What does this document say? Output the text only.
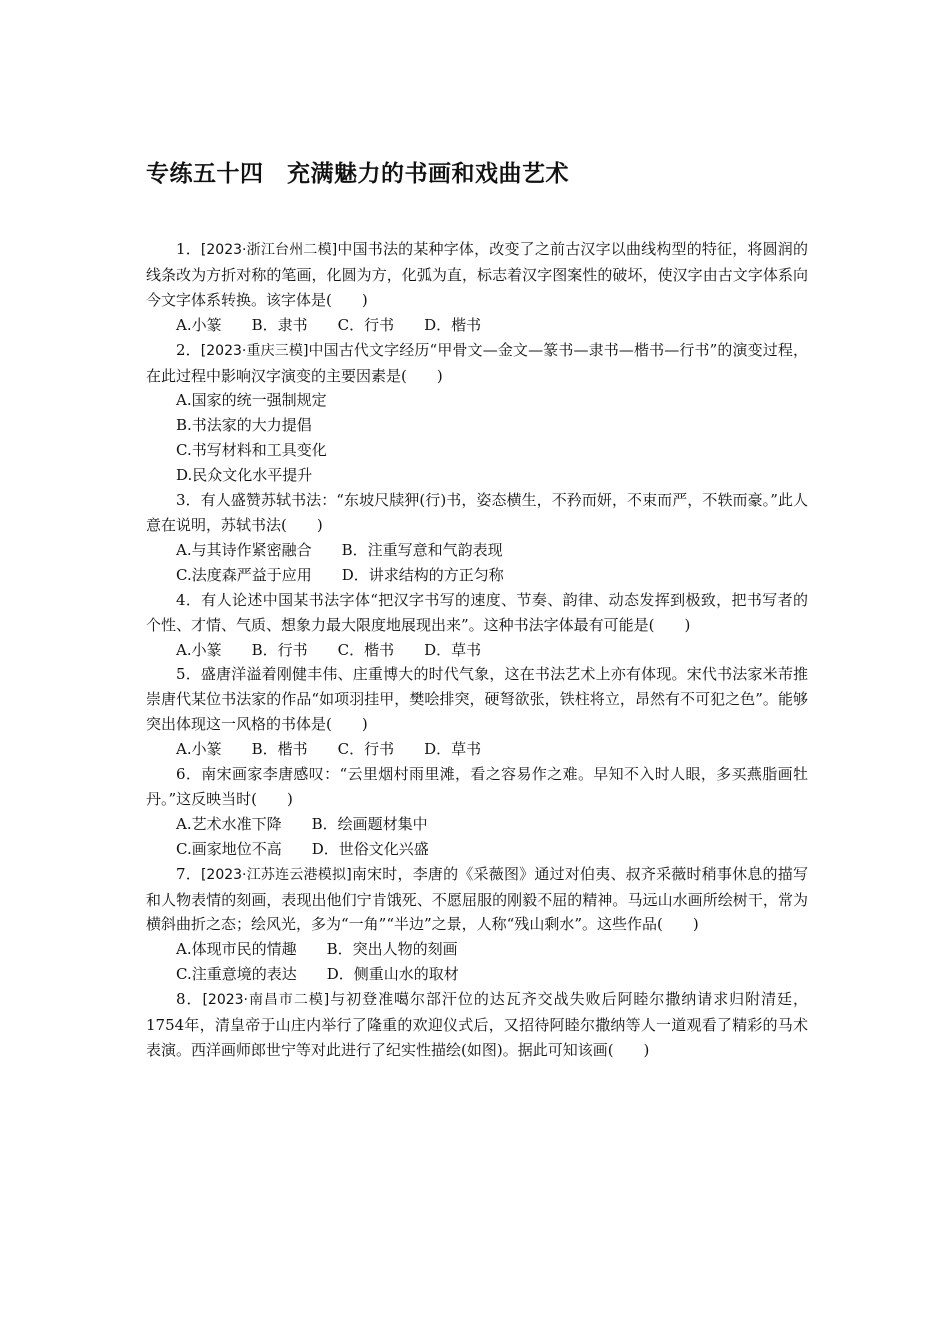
专练五十四　充满魅力的书画和戏曲艺术

1．[2023·浙江台州二模]中国书法的某种字体，改变了之前古汉字以曲线构型的特征，将圆润的线条改为方折对称的笔画，化圆为方，化弧为直，标志着汉字图案性的破坏，使汉字由古文字体系向今文字体系转换。该字体是(　　)

A.小篆　　B．隶书　　C．行书　　D．楷书

2．[2023·重庆三模]中国古代文字经历“甲骨文—金文—篆书—隶书—楷书—行书”的演变过程，在此过程中影响汉字演变的主要因素是(　　)

A.国家的统一强制规定

B.书法家的大力提倡

C.书写材料和工具变化

D.民众文化水平提升

3．有人盛赞苏轼书法：“东坡尺牍狎(行)书，姿态横生，不矜而妍，不束而严，不轶而豪。”此人意在说明，苏轼书法(　　)

A.与其诗作紧密融合　　B．注重写意和气韵表现

C.法度森严益于应用　　D．讲求结构的方正匀称

4．有人论述中国某书法字体“把汉字书写的速度、节奏、韵律、动态发挥到极致，把书写者的个性、才情、气质、想象力最大限度地展现出来”。这种书法字体最有可能是(　　)

A.小篆　　B．行书　　C．楷书　　D．草书

5．盛唐洋溢着刚健丰伟、庄重博大的时代气象，这在书法艺术上亦有体现。宋代书法家米芾推崇唐代某位书法家的作品“如项羽挂甲，樊哙排突，硬弩欲张，铁柱将立，昂然有不可犯之色”。能够突出体现这一风格的书体是(　　)

A.小篆　　B．楷书　　C．行书　　D．草书

6．南宋画家李唐感叹：“云里烟村雨里滩，看之容易作之难。早知不入时人眼，多买燕脂画牡丹。”这反映当时(　　)

A.艺术水准下降　　B．绘画题材集中

C.画家地位不高　　D．世俗文化兴盛

7．[2023·江苏连云港模拟]南宋时，李唐的《采薇图》通过对伯夷、叔齐采薇时稍事休息的描写和人物表情的刻画，表现出他们宁肯饿死、不愿屈服的刚毅不屈的精神。马远山水画所绘树干，常为横斜曲折之态；绘风光，多为“一角”“半边”之景，人称“残山剩水”。这些作品(　　)

A.体现市民的情趣　　B．突出人物的刻画

C.注重意境的表达　　D．侧重山水的取材

8．[2023·南昌市二模]与初登准噶尔部汗位的达瓦齐交战失败后阿睦尔撒纳请求归附清廷，1754年，清皇帝于山庄内举行了隆重的欢迎仪式后，又招待阿睦尔撒纳等人一道观看了精彩的马术表演。西洋画师郎世宁等对此进行了纪实性描绘(如图)。据此可知该画(　　)
